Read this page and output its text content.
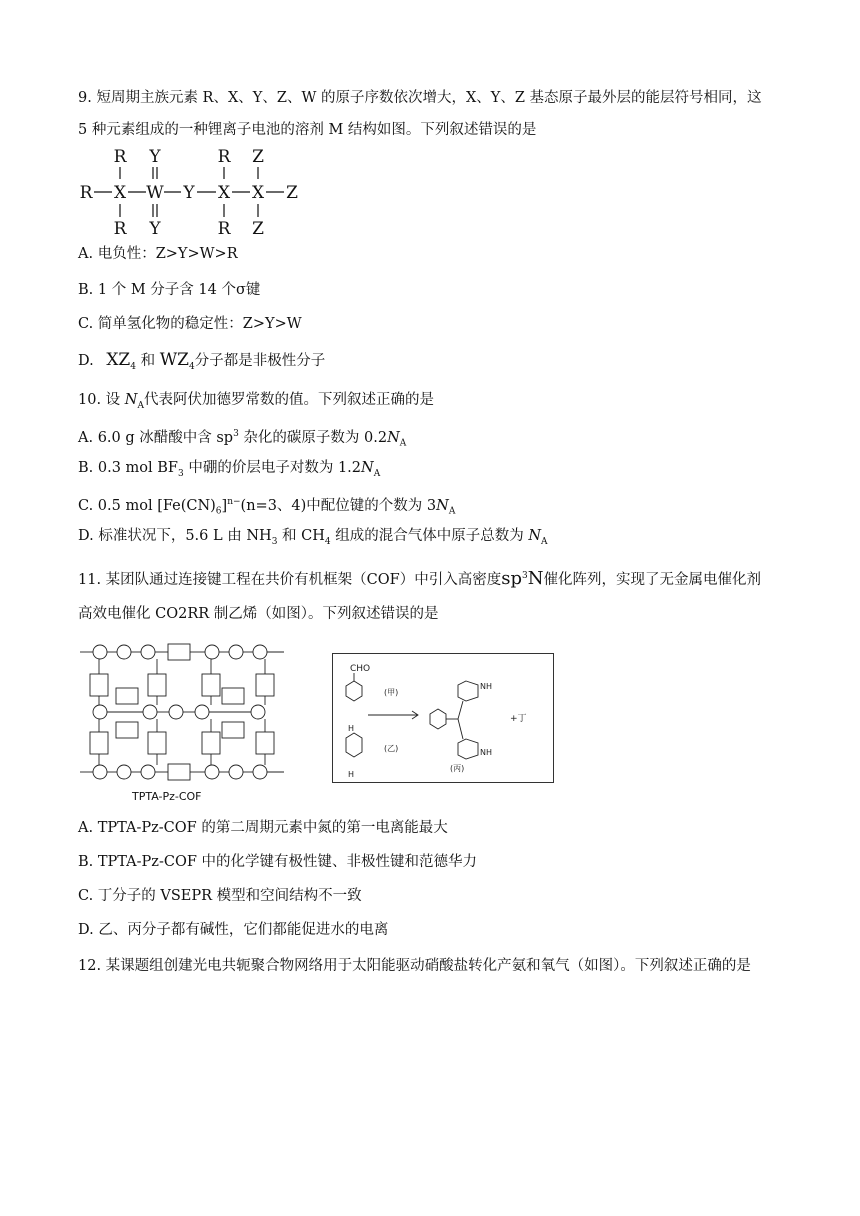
9. 短周期主族元素 R、X、Y、Z、W 的原子序数依次增大，X、Y、Z 基态原子最外层的能层符号相同，这
5 种元素组成的一种锂离子电池的溶剂 M 结构如图。下列叙述错误的是
R Y	R Z
R X W Y X X Z
R Y	R Z
A. 电负性：Z>Y>W>R
B. 1 个 M 分子含 14 个σ键
C. 简单氢化物的稳定性：Z>Y>W
D. $XZ_4$ 和 $WZ_4$分子都是非极性分子
10. 设 $N_A$代表阿伏加德罗常数的值。下列叙述正确的是
A. 6.0 g 冰醋酸中含 $sp^3$ 杂化的碳原子数为 $0.2N_A$
B. 0.3 mol $BF_3$ 中硼的价层电子对数为 $1.2N_A$
C. 0.5 mol $[Fe(CN)_6]^{n-}(n=3$、4)中配位键的个数为 $3N_A$
D. 标准状况下，5.6 L 由 $NH_3$ 和 $CH_4$ 组成的混合气体中原子总数为 $N_A$
11. 某团队通过连接键工程在共价有机框架（COF）中引入高密度$sp^3N$催化阵列，实现了无金属电催化剂
高效电催化 CO2RR 制乙烯（如图）。下列叙述错误的是
TPTA-Pz-COF
CHO
(甲)
(乙)
(丙)
+丁
NH
NH
H
H
A. TPTA-Pz-COF 的第二周期元素中氮的第一电离能最大
B. TPTA-Pz-COF 中的化学键有极性键、非极性键和范德华力
C. 丁分子的 VSEPR 模型和空间结构不一致
D. 乙、丙分子都有碱性，它们都能促进水的电离
12. 某课题组创建光电共轭聚合物网络用于太阳能驱动硝酸盐转化产氨和氧气（如图）。下列叙述正确的是
